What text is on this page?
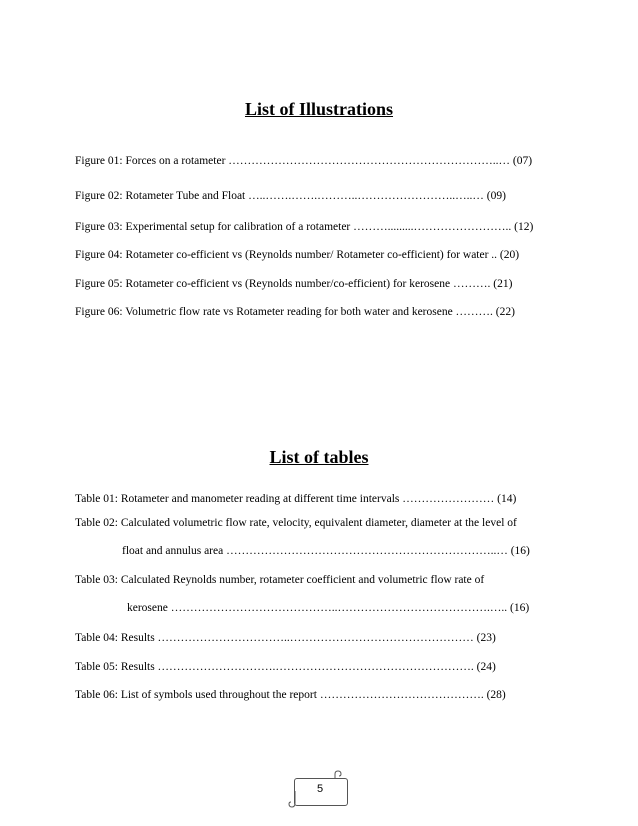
List of Illustrations
Figure 01: Forces on a rotameter ……………………………………………………………..… (07)
Figure 02: Rotameter Tube and Float …..…….…….………..……………………..…..… (09)
Figure 03: Experimental setup for calibration of a rotameter ……….........…………………….. (12)
Figure 04: Rotameter co-efficient vs (Reynolds number/ Rotameter co-efficient) for water .. (20)
Figure 05: Rotameter co-efficient vs (Reynolds number/co-efficient) for kerosene ………. (21)
Figure 06: Volumetric flow rate vs Rotameter reading for both water and kerosene ………. (22)
List of tables
Table 01: Rotameter and manometer reading at different time intervals …………………… (14)
Table 02: Calculated volumetric flow rate, velocity, equivalent diameter, diameter at the level of
float and annulus area ……………………………………………………………..… (16)
Table 03: Calculated Reynolds number, rotameter coefficient and volumetric flow rate of
kerosene ……………………………………..………………………………….….. (16)
Table 04: Results ……………………………..………………………………………… (23)
Table 05: Results ………………………….……………………………………………. (24)
Table 06: List of symbols used throughout the report ……………………………………. (28)
5
